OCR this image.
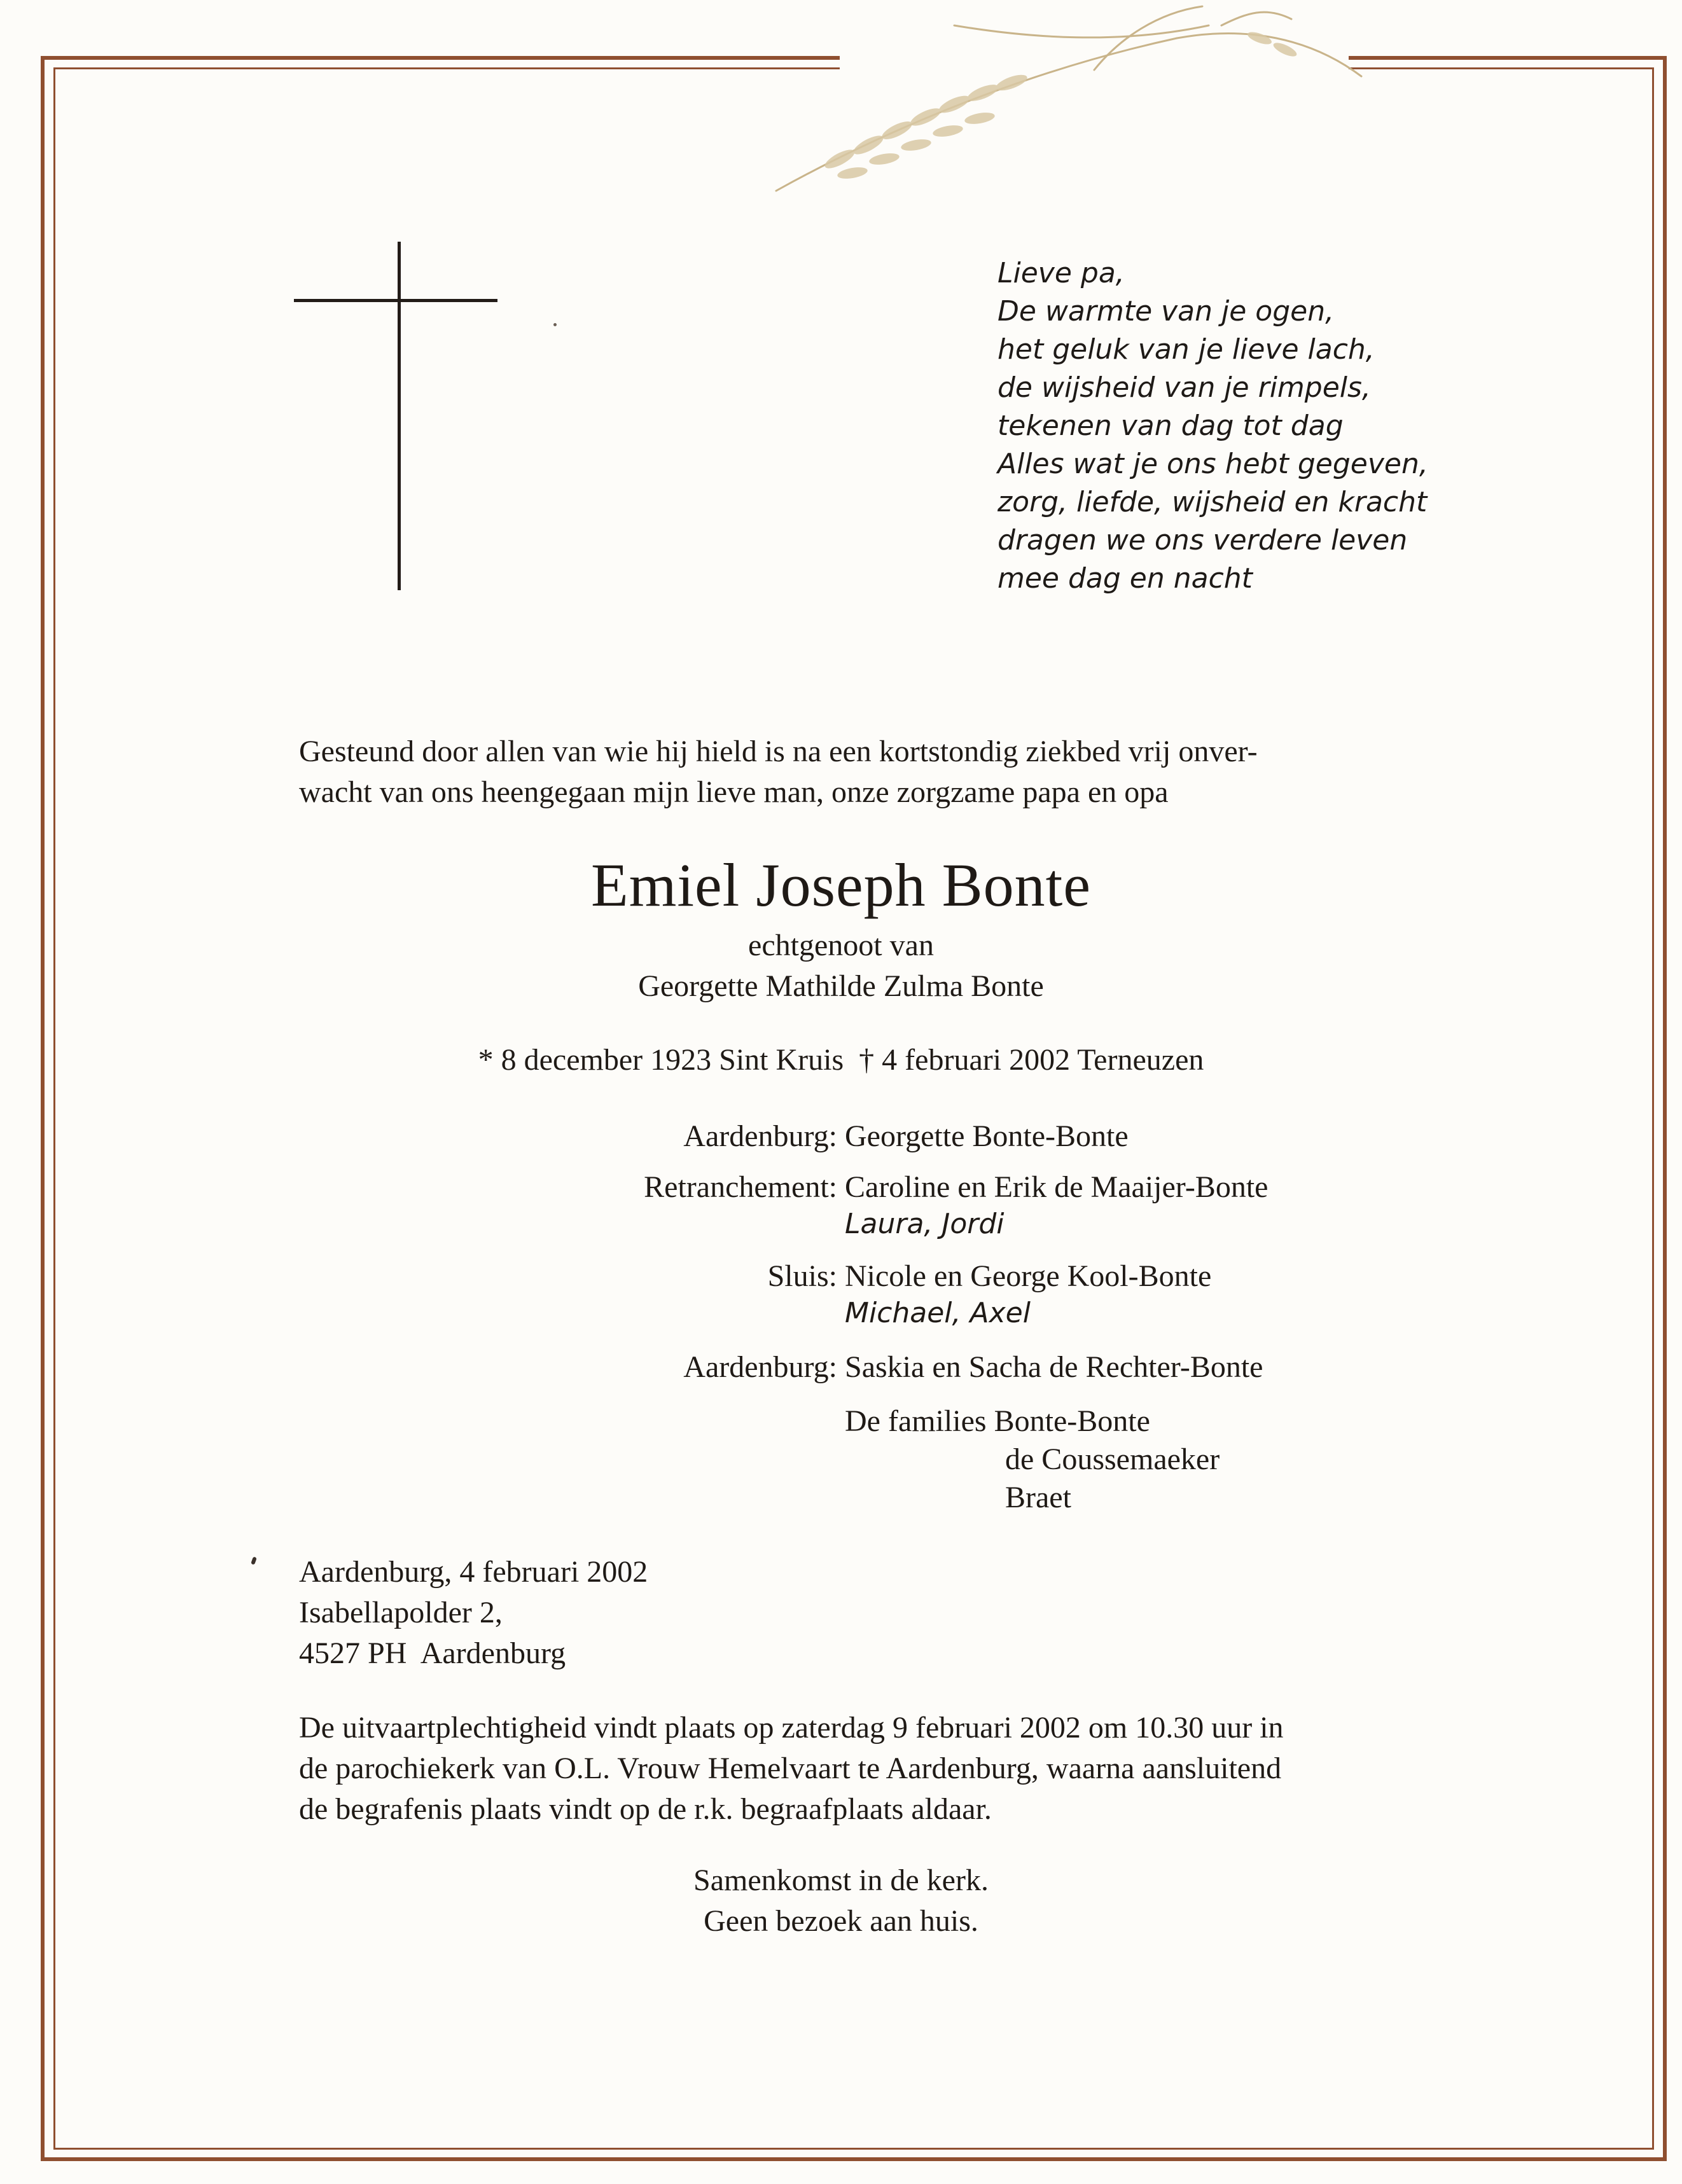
Lieve pa,
De warmte van je ogen,
het geluk van je lieve lach,
de wijsheid van je rimpels,
tekenen van dag tot dag
Alles wat je ons hebt gegeven,
zorg, liefde, wijsheid en kracht
dragen we ons verdere leven
mee dag en nacht
Gesteund door allen van wie hij hield is na een kortstondig ziekbed vrij onver-
wacht van ons heengegaan mijn lieve man, onze zorgzame papa en opa
Emiel Joseph Bonte
echtgenoot van
Georgette Mathilde Zulma Bonte
* 8 december 1923 Sint Kruis  † 4 februari 2002 Terneuzen
Aardenburg: Georgette Bonte-Bonte
Retranchement: Caroline en Erik de Maaijer-Bonte
Laura, Jordi
Sluis: Nicole en George Kool-Bonte
Michael, Axel
Aardenburg: Saskia en Sacha de Rechter-Bonte
De families Bonte-Bonte
de Coussemaeker
Braet
Aardenburg, 4 februari 2002
Isabellapolder 2,
4527 PH  Aardenburg
De uitvaartplechtigheid vindt plaats op zaterdag 9 februari 2002 om 10.30 uur in
de parochiekerk van O.L. Vrouw Hemelvaart te Aardenburg, waarna aansluitend
de begrafenis plaats vindt op de r.k. begraafplaats aldaar.
Samenkomst in de kerk.
Geen bezoek aan huis.
